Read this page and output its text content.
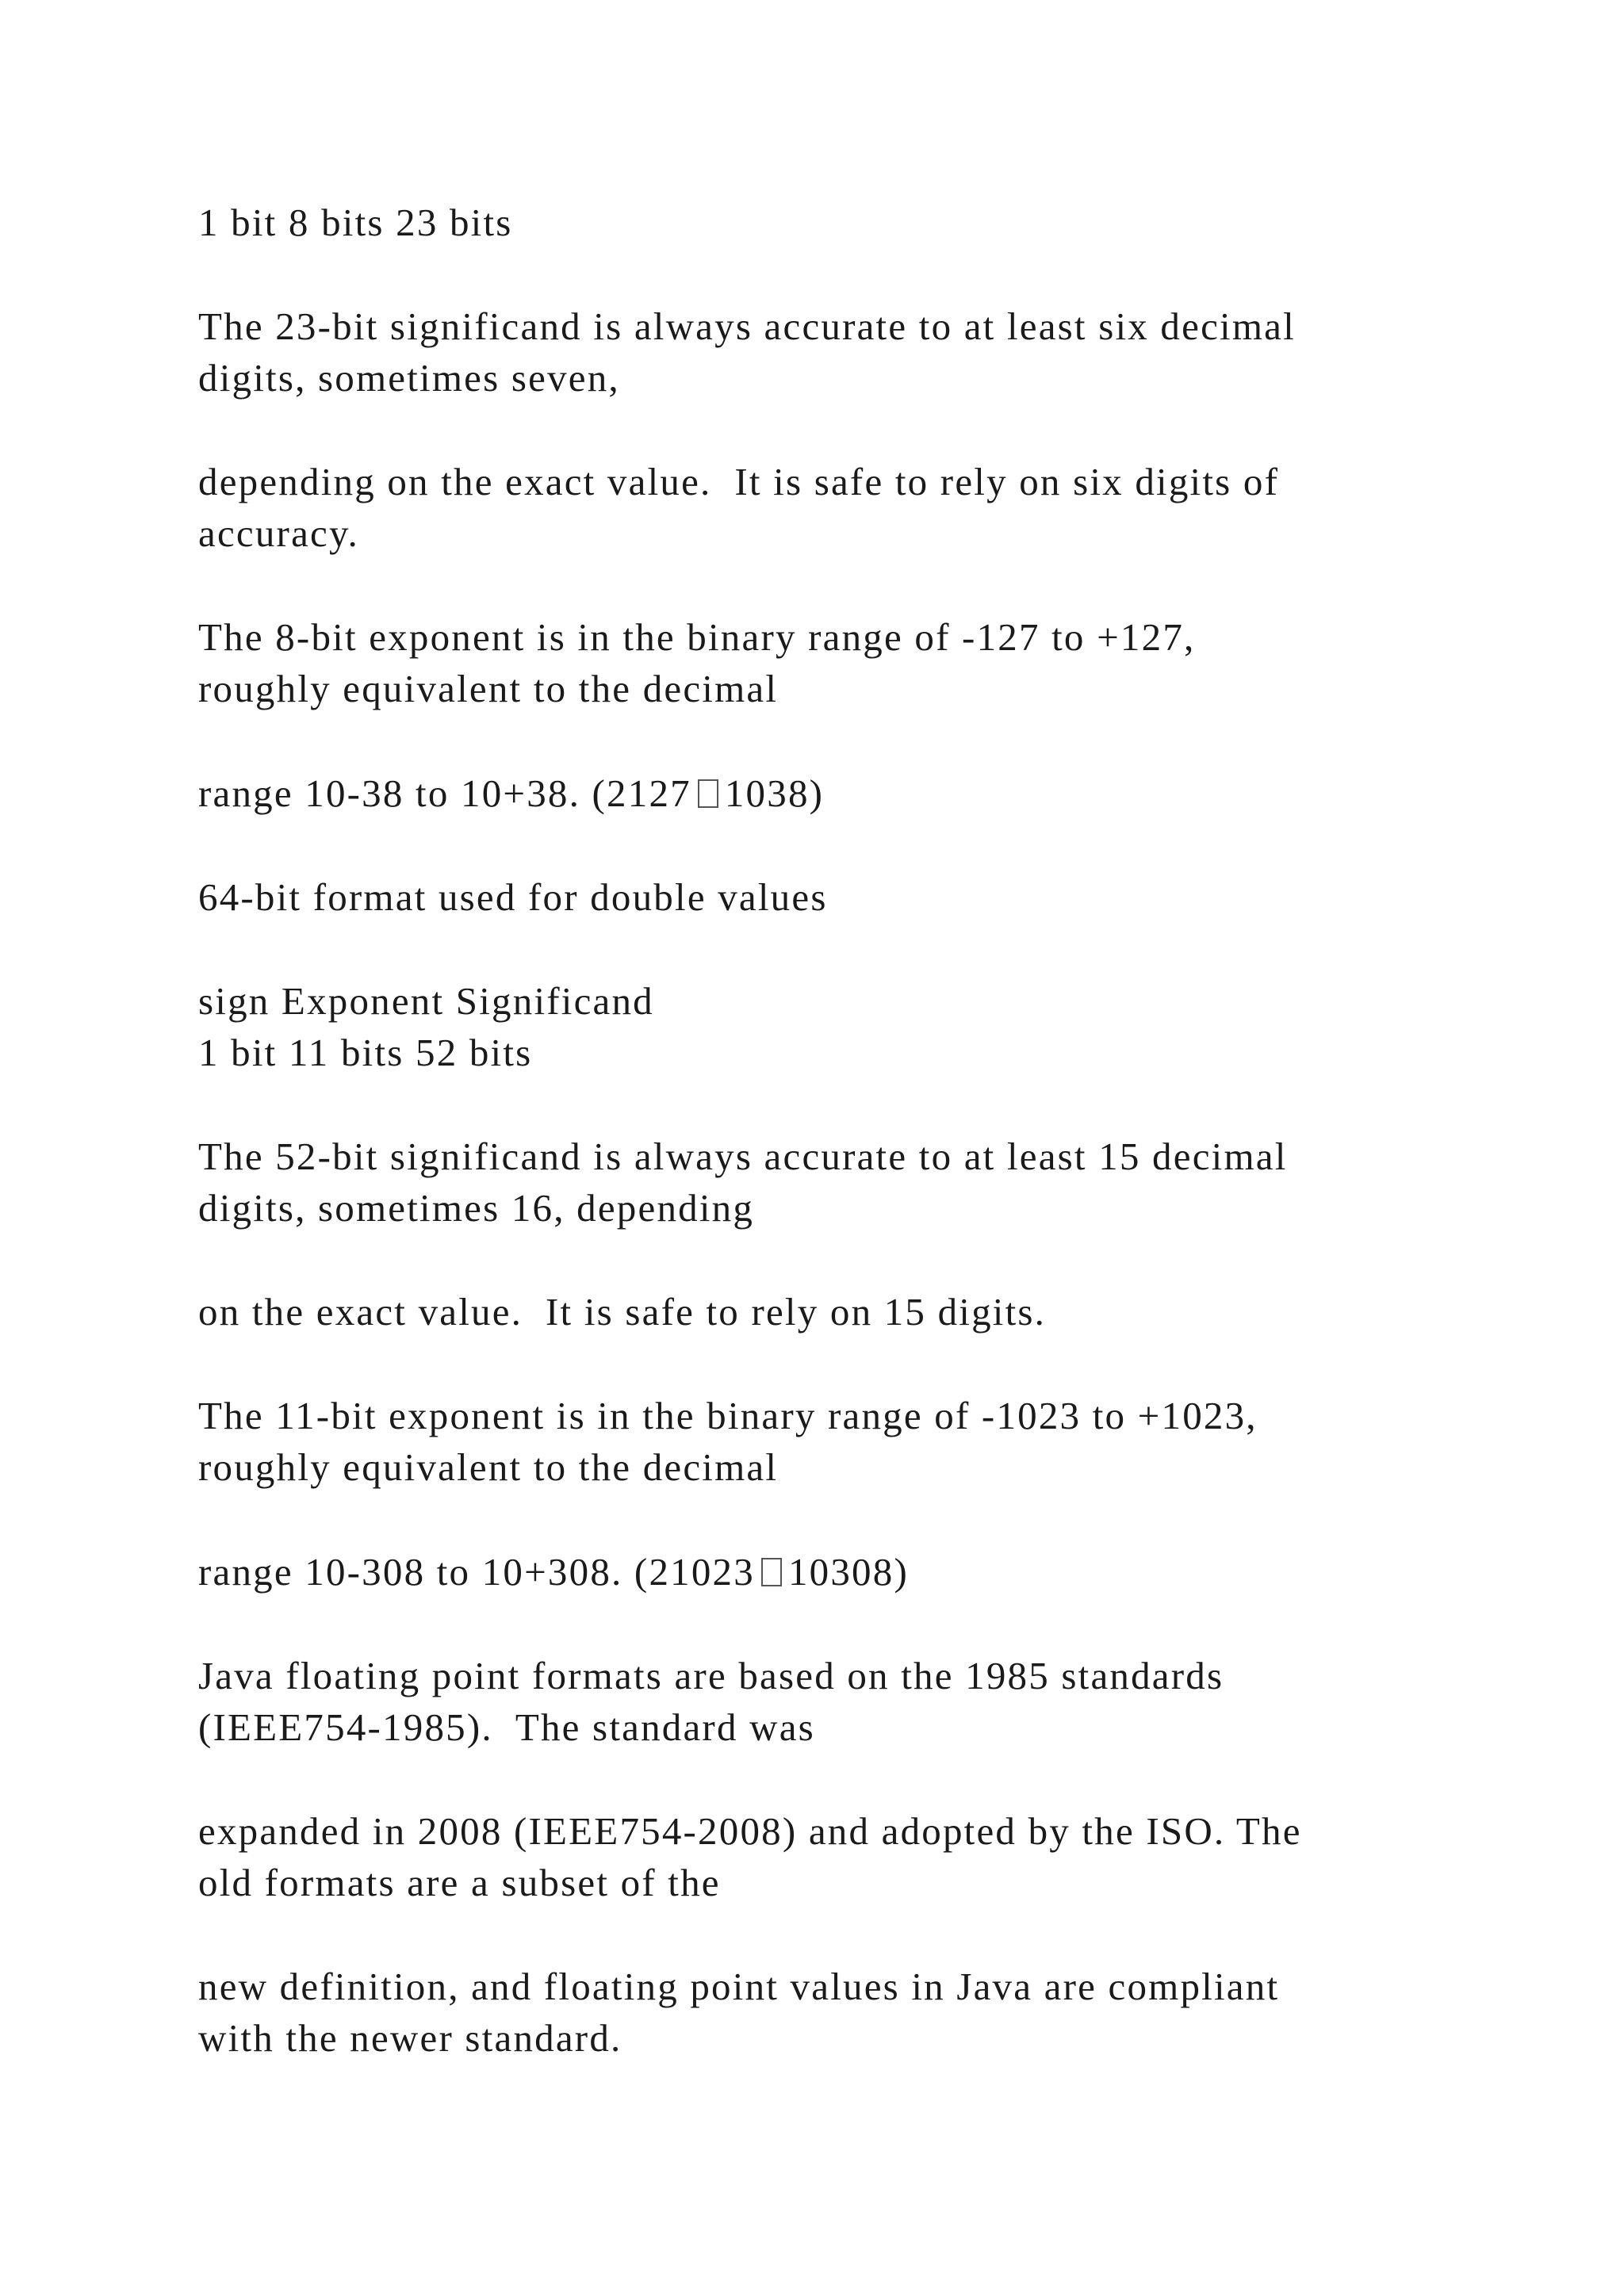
1 bit 8 bits 23 bits

The 23-bit significand is always accurate to at least six decimal

digits, sometimes seven,

depending on the exact value.  It is safe to rely on six digits of

accuracy.

The 8-bit exponent is in the binary range of -127 to +127,

roughly equivalent to the decimal

range 10-38 to 10+38. (2127 1038)

64-bit format used for double values

sign Exponent Significand

1 bit 11 bits 52 bits

The 52-bit significand is always accurate to at least 15 decimal

digits, sometimes 16, depending

on the exact value.  It is safe to rely on 15 digits.

The 11-bit exponent is in the binary range of -1023 to +1023,

roughly equivalent to the decimal

range 10-308 to 10+308. (21023 10308)

Java floating point formats are based on the 1985 standards

(IEEE754-1985).  The standard was

expanded in 2008 (IEEE754-2008) and adopted by the ISO. The

old formats are a subset of the

new definition, and floating point values in Java are compliant

with the newer standard.
